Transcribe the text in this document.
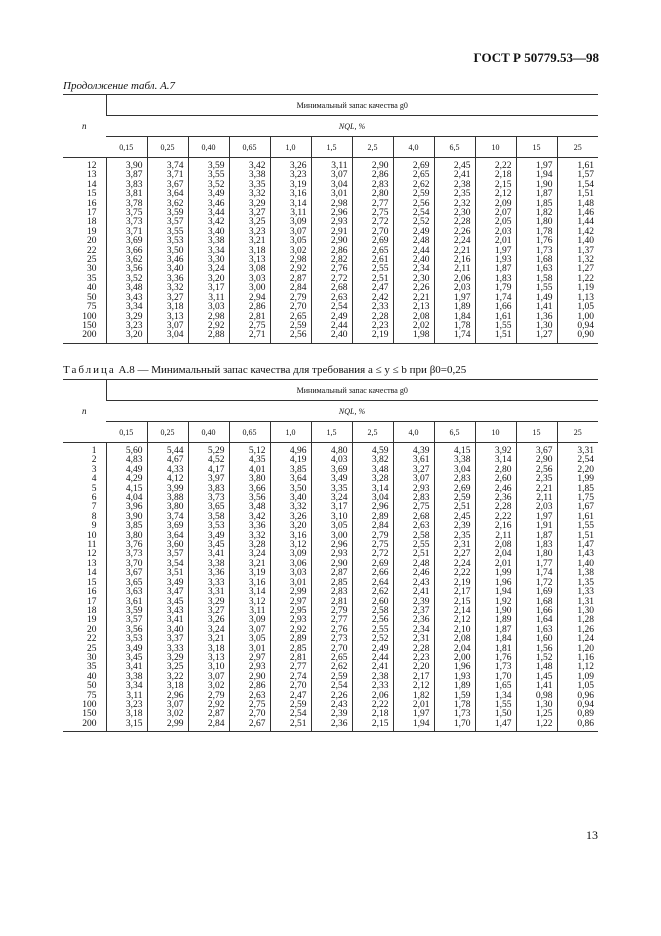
ГОСТ Р 50779.53—98
Продолжение табл. А.7
n	Минимальный запас качества g0											
	NQL, %											
	0,15	0,25	0,40	0,65	1,0	1,5	2,5	4,0	6,5	10	15	25
12	3,90	3,74	3,59	3,42	3,26	3,11	2,90	2,69	2,45	2,22	1,97	1,61
13	3,87	3,71	3,55	3,38	3,23	3,07	2,86	2,65	2,41	2,18	1,94	1,57
14	3,83	3,67	3,52	3,35	3,19	3,04	2,83	2,62	2,38	2,15	1,90	1,54
15	3,81	3,64	3,49	3,32	3,16	3,01	2,80	2,59	2,35	2,12	1,87	1,51
16	3,78	3,62	3,46	3,29	3,14	2,98	2,77	2,56	2,32	2,09	1,85	1,48
17	3,75	3,59	3,44	3,27	3,11	2,96	2,75	2,54	2,30	2,07	1,82	1,46
18	3,73	3,57	3,42	3,25	3,09	2,93	2,72	2,52	2,28	2,05	1,80	1,44
19	3,71	3,55	3,40	3,23	3,07	2,91	2,70	2,49	2,26	2,03	1,78	1,42
20	3,69	3,53	3,38	3,21	3,05	2,90	2,69	2,48	2,24	2,01	1,76	1,40
22	3,66	3,50	3,34	3,18	3,02	2,86	2,65	2,44	2,21	1,97	1,73	1,37
25	3,62	3,46	3,30	3,13	2,98	2,82	2,61	2,40	2,16	1,93	1,68	1,32
30	3,56	3,40	3,24	3,08	2,92	2,76	2,55	2,34	2,11	1,87	1,63	1,27
35	3,52	3,36	3,20	3,03	2,87	2,72	2,51	2,30	2,06	1,83	1,58	1,22
40	3,48	3,32	3,17	3,00	2,84	2,68	2,47	2,26	2,03	1,79	1,55	1,19
50	3,43	3,27	3,11	2,94	2,79	2,63	2,42	2,21	1,97	1,74	1,49	1,13
75	3,34	3,18	3,03	2,86	2,70	2,54	2,33	2,13	1,89	1,66	1,41	1,05
100	3,29	3,13	2,98	2,81	2,65	2,49	2,28	2,08	1,84	1,61	1,36	1,00
150	3,23	3,07	2,92	2,75	2,59	2,44	2,23	2,02	1,78	1,55	1,30	0,94
200	3,20	3,04	2,88	2,71	2,56	2,40	2,19	1,98	1,74	1,51	1,27	0,90
Таблица А.8 — Минимальный запас качества для требования a ≤ y ≤ b при β0=0,25
n	Минимальный запас качества g0											
	NQL, %											
	0,15	0,25	0,40	0,65	1,0	1,5	2,5	4,0	6,5	10	15	25
1	5,60	5,44	5,29	5,12	4,96	4,80	4,59	4,39	4,15	3,92	3,67	3,31
2	4,83	4,67	4,52	4,35	4,19	4,03	3,82	3,61	3,38	3,14	2,90	2,54
3	4,49	4,33	4,17	4,01	3,85	3,69	3,48	3,27	3,04	2,80	2,56	2,20
4	4,29	4,12	3,97	3,80	3,64	3,49	3,28	3,07	2,83	2,60	2,35	1,99
5	4,15	3,99	3,83	3,66	3,50	3,35	3,14	2,93	2,69	2,46	2,21	1,85
6	4,04	3,88	3,73	3,56	3,40	3,24	3,04	2,83	2,59	2,36	2,11	1,75
7	3,96	3,80	3,65	3,48	3,32	3,17	2,96	2,75	2,51	2,28	2,03	1,67
8	3,90	3,74	3,58	3,42	3,26	3,10	2,89	2,68	2,45	2,22	1,97	1,61
9	3,85	3,69	3,53	3,36	3,20	3,05	2,84	2,63	2,39	2,16	1,91	1,55
10	3,80	3,64	3,49	3,32	3,16	3,00	2,79	2,58	2,35	2,11	1,87	1,51
11	3,76	3,60	3,45	3,28	3,12	2,96	2,75	2,55	2,31	2,08	1,83	1,47
12	3,73	3,57	3,41	3,24	3,09	2,93	2,72	2,51	2,27	2,04	1,80	1,43
13	3,70	3,54	3,38	3,21	3,06	2,90	2,69	2,48	2,24	2,01	1,77	1,40
14	3,67	3,51	3,36	3,19	3,03	2,87	2,66	2,46	2,22	1,99	1,74	1,38
15	3,65	3,49	3,33	3,16	3,01	2,85	2,64	2,43	2,19	1,96	1,72	1,35
16	3,63	3,47	3,31	3,14	2,99	2,83	2,62	2,41	2,17	1,94	1,69	1,33
17	3,61	3,45	3,29	3,12	2,97	2,81	2,60	2,39	2,15	1,92	1,68	1,31
18	3,59	3,43	3,27	3,11	2,95	2,79	2,58	2,37	2,14	1,90	1,66	1,30
19	3,57	3,41	3,26	3,09	2,93	2,77	2,56	2,36	2,12	1,89	1,64	1,28
20	3,56	3,40	3,24	3,07	2,92	2,76	2,55	2,34	2,10	1,87	1,63	1,26
22	3,53	3,37	3,21	3,05	2,89	2,73	2,52	2,31	2,08	1,84	1,60	1,24
25	3,49	3,33	3,18	3,01	2,85	2,70	2,49	2,28	2,04	1,81	1,56	1,20
30	3,45	3,29	3,13	2,97	2,81	2,65	2,44	2,23	2,00	1,76	1,52	1,16
35	3,41	3,25	3,10	2,93	2,77	2,62	2,41	2,20	1,96	1,73	1,48	1,12
40	3,38	3,22	3,07	2,90	2,74	2,59	2,38	2,17	1,93	1,70	1,45	1,09
50	3,34	3,18	3,02	2,86	2,70	2,54	2,33	2,12	1,89	1,65	1,41	1,05
75	3,11	2,96	2,79	2,63	2,47	2,26	2,06	1,82	1,59	1,34	0,98	0,96
100	3,23	3,07	2,92	2,75	2,59	2,43	2,22	2,01	1,78	1,55	1,30	0,94
150	3,18	3,02	2,87	2,70	2,54	2,39	2,18	1,97	1,73	1,50	1,25	0,89
200	3,15	2,99	2,84	2,67	2,51	2,36	2,15	1,94	1,70	1,47	1,22	0,86
13
